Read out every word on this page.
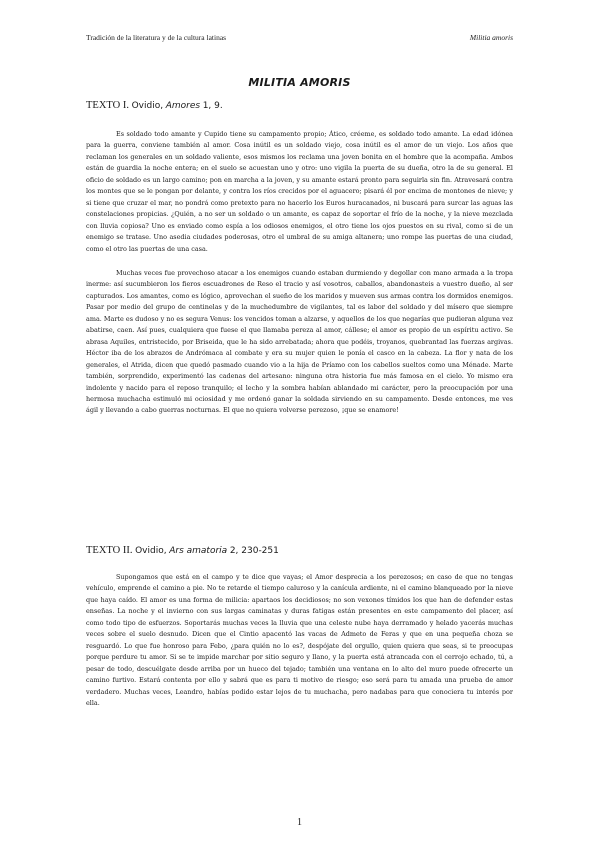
Tradición de la literatura y de la cultura latinas	Militia amoris
MILITIA AMORIS
TEXTO I. Ovidio, Amores 1, 9.

Es soldado todo amante y Cupido tiene su campamento propio; Ático, créeme, es soldado todo amante. La edad idónea para la guerra, conviene también al amor. Cosa inútil es un soldado viejo, cosa inútil es el amor de un viejo. Los años que reclaman los generales en un soldado valiente, esos mismos los reclama una joven bonita en el hombre que la acompaña. Ambos están de guardia la noche entera; en el suelo se acuestan uno y otro: uno vigila la puerta de su dueña, otro la de su general. El oficio de soldado es un largo camino; pon en marcha a la joven, y su amante estará pronto para seguirla sin fin. Atravesará contra los montes que se le pongan por delante, y contra los ríos crecidos por el aguacero; pisará él por encima de montones de nieve; y si tiene que cruzar el mar, no pondrá como pretexto para no hacerlo los Euros huracanados, ni buscará para surcar las aguas las constelaciones propicias. ¿Quién, a no ser un soldado o un amante, es capaz de soportar el frío de la noche, y la nieve mezclada con lluvia copiosa? Uno es enviado como espía a los odiosos enemigos, el otro tiene los ojos puestos en su rival, como si de un enemigo se tratase. Uno asedia ciudades poderosas, otro el umbral de su amiga altanera; uno rompe las puertas de una ciudad, como el otro las puertas de una casa.

Muchas veces fue provechoso atacar a los enemigos cuando estaban durmiendo y degollar con mano armada a la tropa inerme: así sucumbieron los fieros escuadrones de Reso el tracio y así vosotros, caballos, abandonasteis a vuestro dueño, al ser capturados. Los amantes, como es lógico, aprovechan el sueño de los maridos y mueven sus armas contra los dormidos enemigos. Pasar por medio del grupo de centinelas y de la muchedumbre de vigilantes, tal es labor del soldado y del mísero que siempre ama. Marte es dudoso y no es segura Venus: los vencidos toman a alzarse, y aquellos de los que negarías que pudieran alguna vez abatirse, caen. Así pues, cualquiera que fuese el que llamaba pereza al amor, cállese; el amor es propio de un espíritu activo. Se abrasa Aquiles, entristecido, por Briseida, que le ha sido arrebatada; ahora que podéis, troyanos, quebrantad las fuerzas argivas. Héctor iba de los abrazos de Andrómaca al combate y era su mujer quien le ponía el casco en la cabeza. La flor y nata de los generales, el Atrida, dicen que quedó pasmado cuando vio a la hija de Príamo con los cabellos sueltos como una Ménade. Marte también, sorprendido, experimentó las cadenas del artesano: ninguna otra historia fue más famosa en el cielo. Yo mismo era indolente y nacido para el reposo tranquilo; el lecho y la sombra habían ablandado mi carácter, pero la preocupación por una hermosa muchacha estimuló mi ociosidad y me ordenó ganar la soldada sirviendo en su campamento. Desde entonces, me ves ágil y llevando a cabo guerras nocturnas. El que no quiera volverse perezoso, ¡que se enamore!

TEXTO II. Ovidio, Ars amatoria 2, 230-251

Supongamos que está en el campo y te dice que vayas; el Amor desprecia a los perezosos; en caso de que no tengas vehículo, emprende el camino a pie. No te retarde el tiempo caluroso y la canícula ardiente, ni el camino blanqueado por la nieve que haya caído. El amor es una forma de milicia: apartaos los decidiosos; no son vexones tímidos los que han de defender estas enseñas. La noche y el invierno con sus largas caminatas y duras fatigas están presentes en este campamento del placer, así como todo tipo de esfuerzos. Soportarás muchas veces la lluvia que una celeste nube haya derramado y helado yacerás muchas veces sobre el suelo desnudo. Dicen que el Cintio apacentó las vacas de Admeto de Feras y que en una pequeña choza se resguardó. Lo que fue honroso para Febo, ¿para quién no lo es?, despójate del orgullo, quien quiera que seas, si te preocupas porque perdure tu amor. Si se te impide marchar por sitio seguro y llano, y la puerta está atrancada con el cerrojo echado, tú, a pesar de todo, descuélgate desde arriba por un hueco del tejado; también una ventana en lo alto del muro puede ofrecerte un camino furtivo. Estará contenta por ello y sabrá que es para ti motivo de riesgo; eso será para tu amada una prueba de amor verdadero. Muchas veces, Leandro, habías podido estar lejos de tu muchacha, pero nadabas para que conociera tu interés por ella.

1
